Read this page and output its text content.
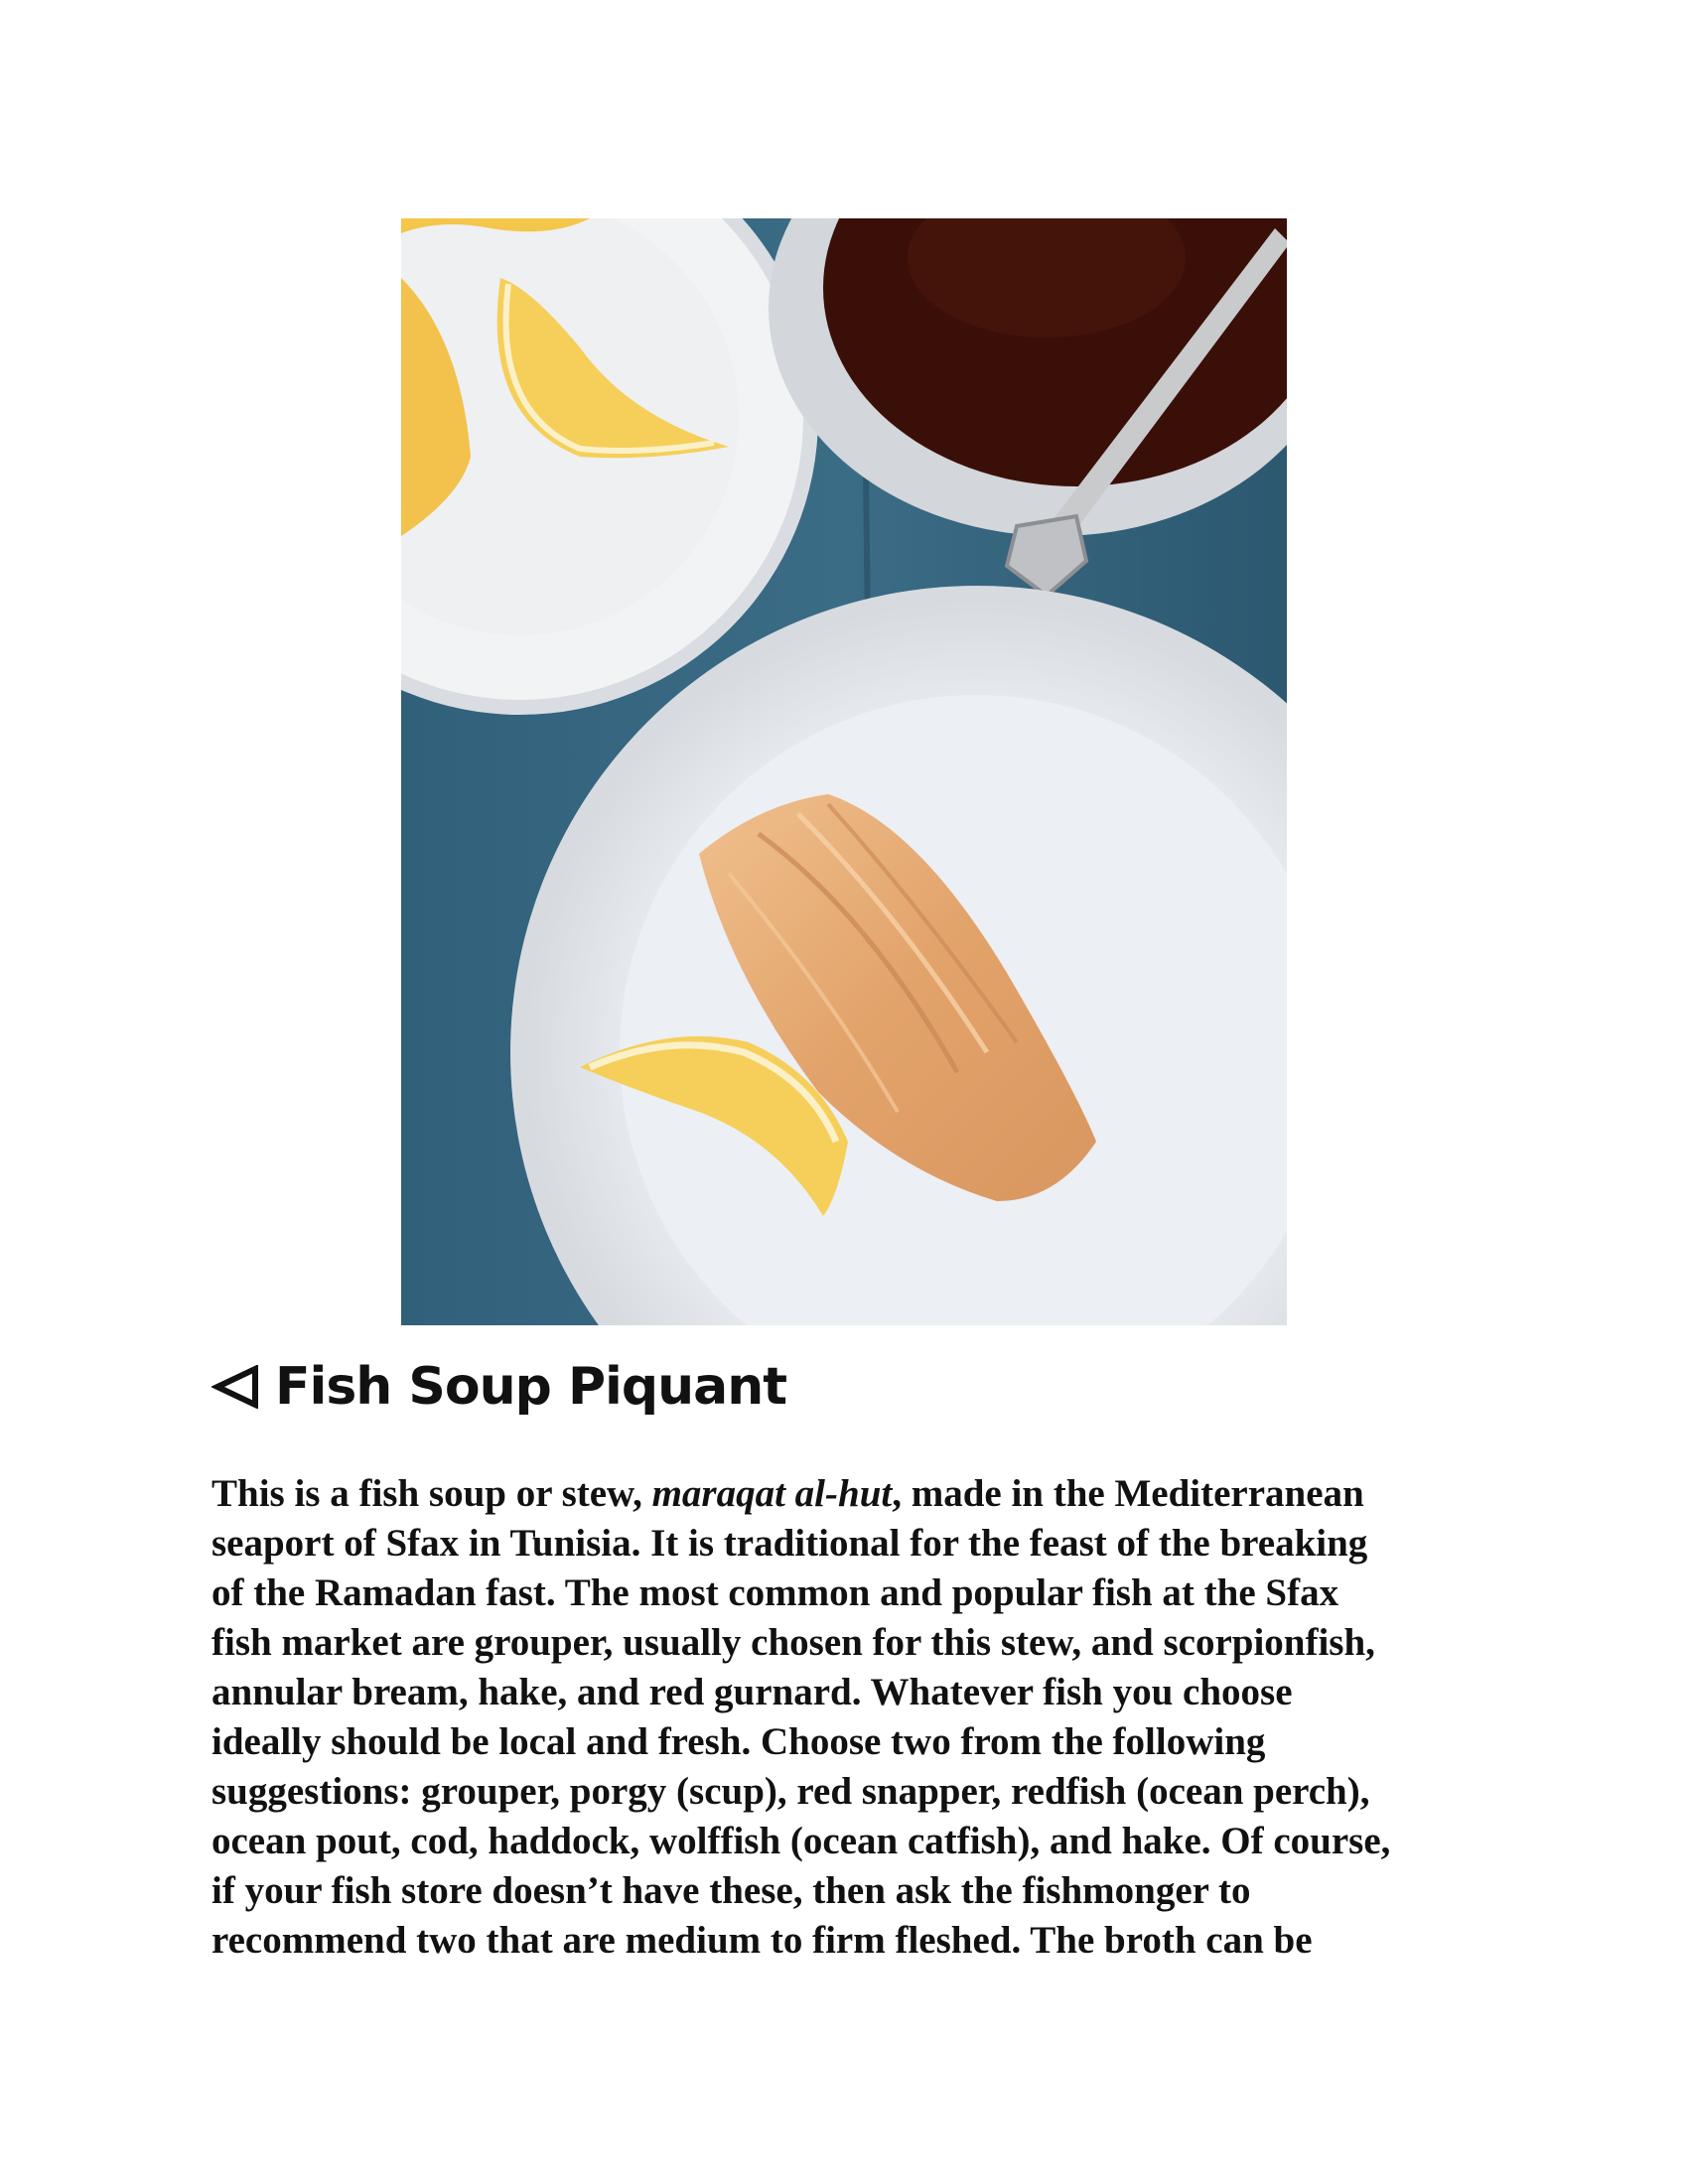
Fish Soup Piquant
This is a fish soup or stew, maraqat al-hut, made in the Mediterranean
seaport of Sfax in Tunisia. It is traditional for the feast of the breaking
of the Ramadan fast. The most common and popular fish at the Sfax
fish market are grouper, usually chosen for this stew, and scorpionfish,
annular bream, hake, and red gurnard. Whatever fish you choose
ideally should be local and fresh. Choose two from the following
suggestions: grouper, porgy (scup), red snapper, redfish (ocean perch),
ocean pout, cod, haddock, wolffish (ocean catfish), and hake. Of course,
if your fish store doesn’t have these, then ask the fishmonger to
recommend two that are medium to firm fleshed. The broth can be
